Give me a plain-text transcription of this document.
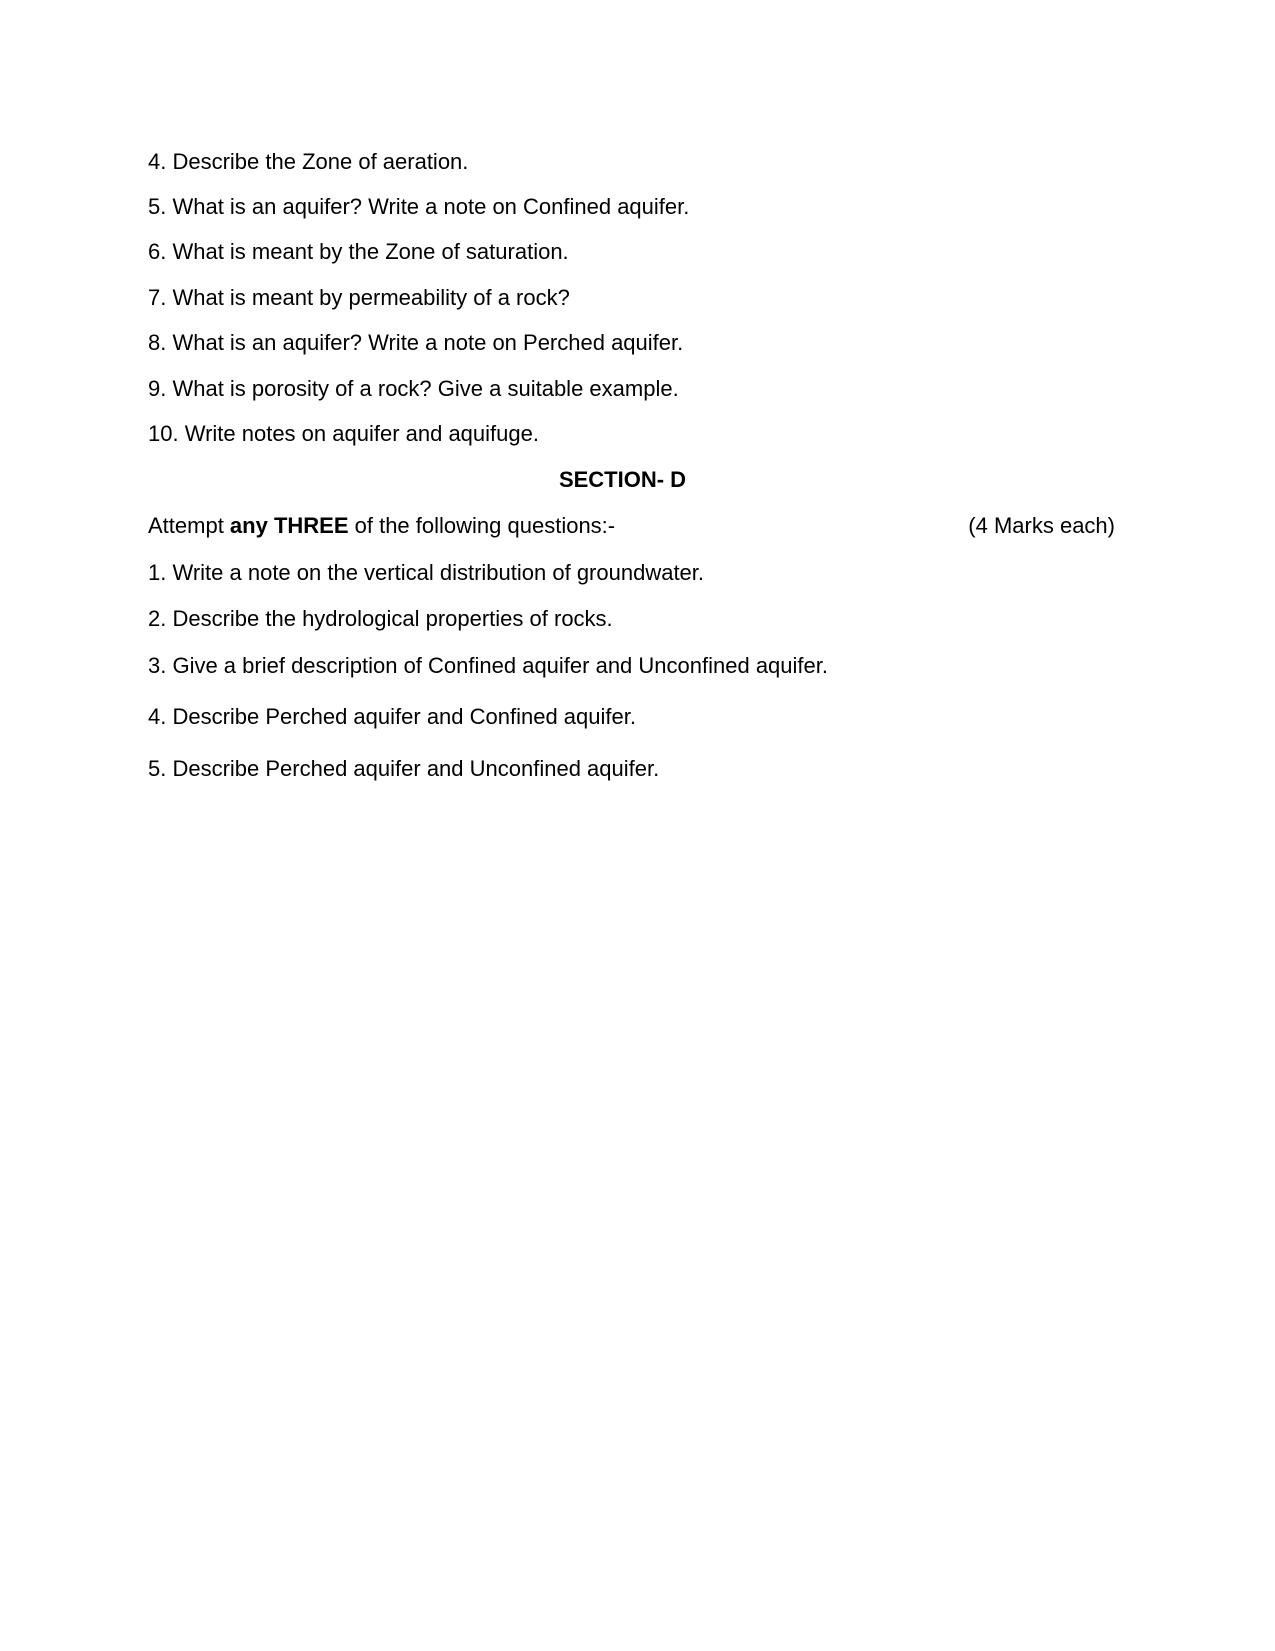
4. Describe the Zone of aeration.
5. What is an aquifer? Write a note on Confined aquifer.
6. What is meant by the Zone of saturation.
7. What is meant by permeability of a rock?
8. What is an aquifer? Write a note on Perched aquifer.
9. What is porosity of a rock? Give a suitable example.
10. Write notes on aquifer and aquifuge.
SECTION- D
Attempt any THREE of the following questions:-	(4 Marks each)
1. Write a note on the vertical distribution of groundwater.
2. Describe the hydrological properties of rocks.
3. Give a brief description of Confined aquifer and Unconfined aquifer.
4. Describe Perched aquifer and Confined aquifer.
5. Describe Perched aquifer and Unconfined aquifer.
